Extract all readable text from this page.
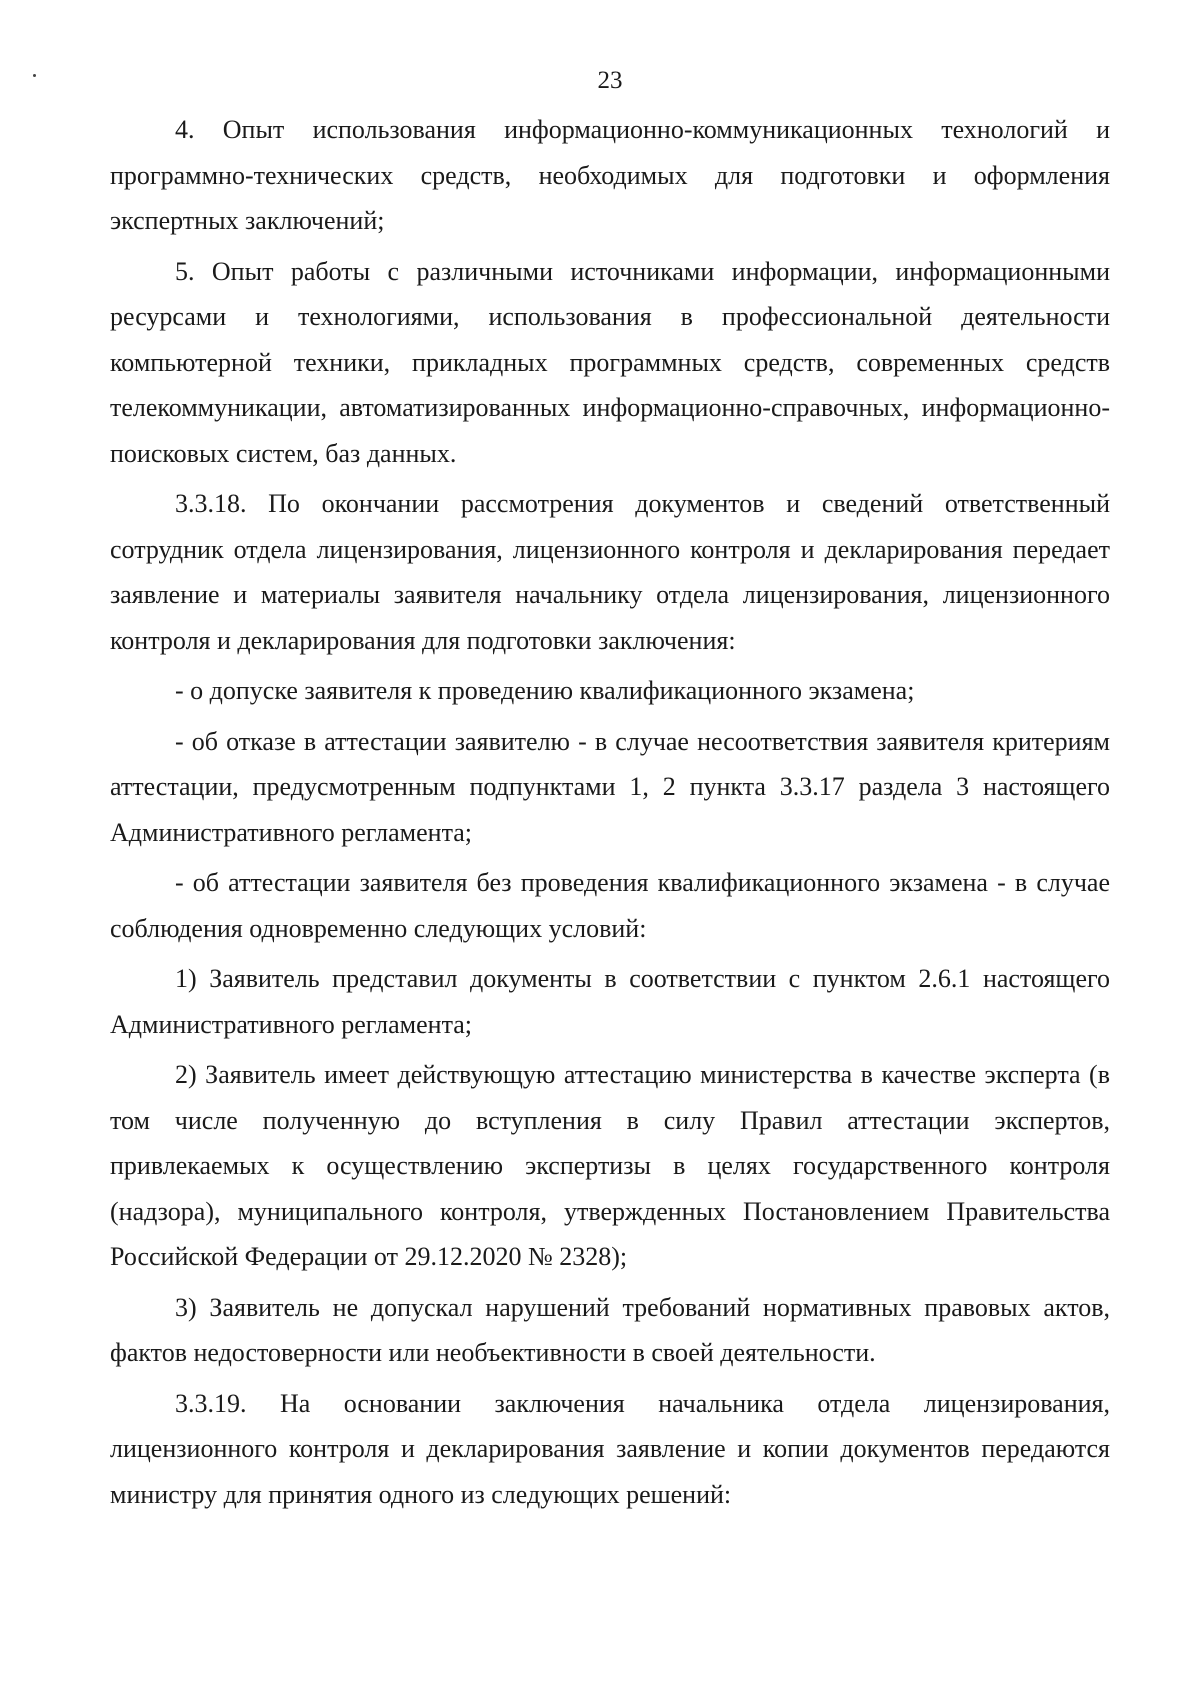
23

4. Опыт использования информационно-коммуникационных технологий и программно-технических средств, необходимых для подготовки и оформления экспертных заключений;

5. Опыт работы с различными источниками информации, информационными ресурсами и технологиями, использования в профессиональной деятельности компьютерной техники, прикладных программных средств, современных средств телекоммуникации, автоматизированных информационно-справочных, информационно-поисковых систем, баз данных.

3.3.18. По окончании рассмотрения документов и сведений ответственный сотрудник отдела лицензирования, лицензионного контроля и декларирования передает заявление и материалы заявителя начальнику отдела лицензирования, лицензионного контроля и декларирования для подготовки заключения:

- о допуске заявителя к проведению квалификационного экзамена;

- об отказе в аттестации заявителю - в случае несоответствия заявителя критериям аттестации, предусмотренным подпунктами 1, 2 пункта 3.3.17 раздела 3 настоящего Административного регламента;

- об аттестации заявителя без проведения квалификационного экзамена - в случае соблюдения одновременно следующих условий:

1) Заявитель представил документы в соответствии с пунктом 2.6.1 настоящего Административного регламента;

2) Заявитель имеет действующую аттестацию министерства в качестве эксперта (в том числе полученную до вступления в силу Правил аттестации экспертов, привлекаемых к осуществлению экспертизы в целях государственного контроля (надзора), муниципального контроля, утвержденных Постановлением Правительства Российской Федерации от 29.12.2020 № 2328);

3) Заявитель не допускал нарушений требований нормативных правовых актов, фактов недостоверности или необъективности в своей деятельности.

3.3.19. На основании заключения начальника отдела лицензирования, лицензионного контроля и декларирования заявление и копии документов передаются министру для принятия одного из следующих решений:
